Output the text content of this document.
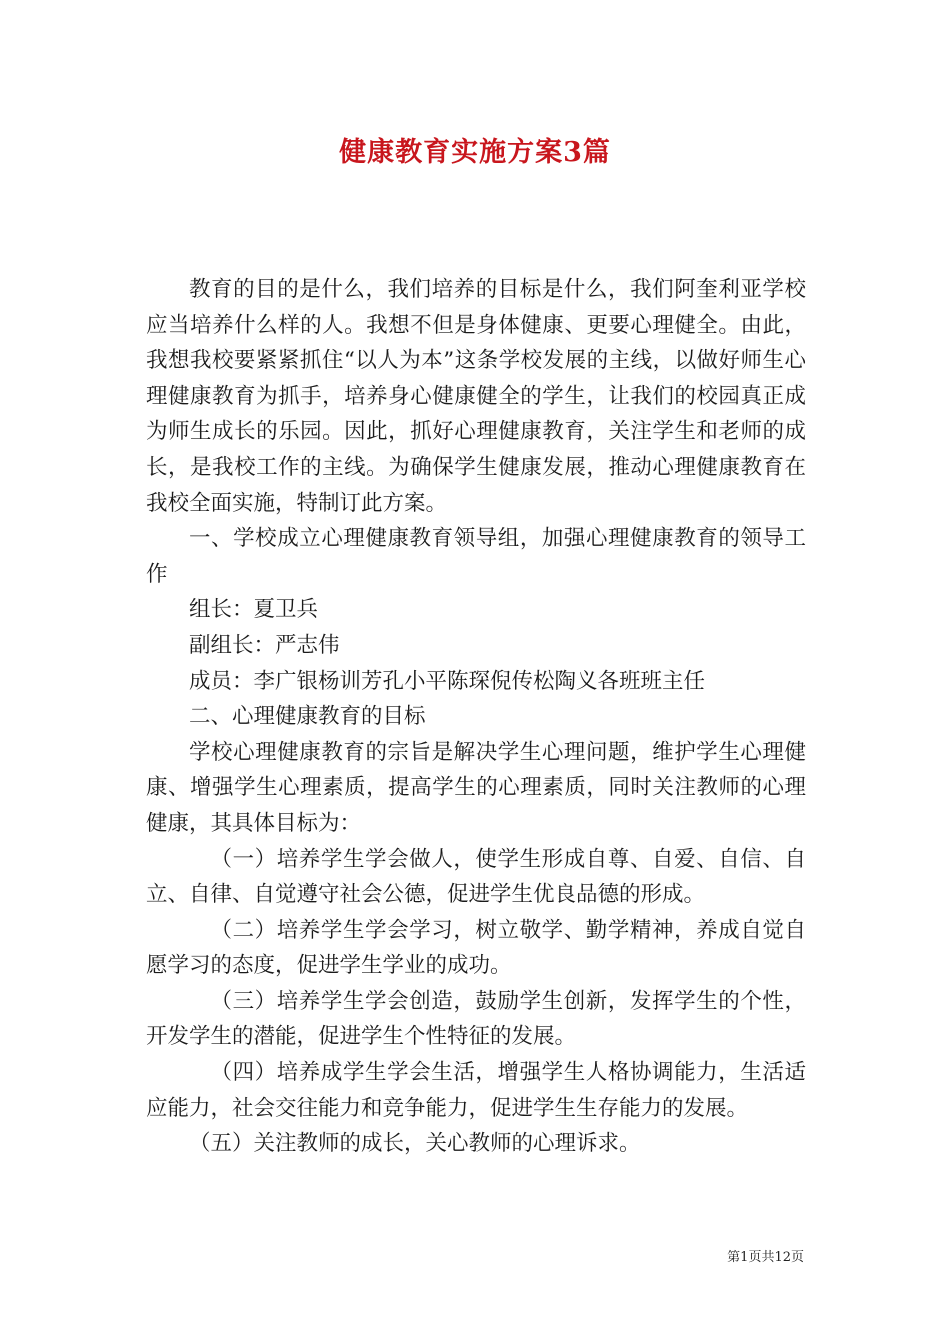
健康教育实施方案3篇

教育的目的是什么，我们培养的目标是什么，我们阿奎利亚学校应当培养什么样的人。我想不但是身体健康、更要心理健全。由此，我想我校要紧紧抓住“以人为本”这条学校发展的主线，以做好师生心理健康教育为抓手，培养身心健康健全的学生，让我们的校园真正成为师生成长的乐园。因此，抓好心理健康教育，关注学生和老师的成长，是我校工作的主线。为确保学生健康发展，推动心理健康教育在我校全面实施，特制订此方案。

一、学校成立心理健康教育领导组，加强心理健康教育的领导工作

组长：夏卫兵

副组长：严志伟

成员：李广银杨训芳孔小平陈琛倪传松陶义各班班主任

二、心理健康教育的目标

学校心理健康教育的宗旨是解决学生心理问题，维护学生心理健康、增强学生心理素质，提高学生的心理素质，同时关注教师的心理健康，其具体目标为：

（一）培养学生学会做人，使学生形成自尊、自爱、自信、自立、自律、自觉遵守社会公德，促进学生优良品德的形成。

（二）培养学生学会学习，树立敬学、勤学精神，养成自觉自愿学习的态度，促进学生学业的成功。

（三）培养学生学会创造，鼓励学生创新，发挥学生的个性，开发学生的潜能，促进学生个性特征的发展。

（四）培养成学生学会生活，增强学生人格协调能力，生活适应能力，社会交往能力和竞争能力，促进学生生存能力的发展。

（五）关注教师的成长，关心教师的心理诉求。

第1页共12页
